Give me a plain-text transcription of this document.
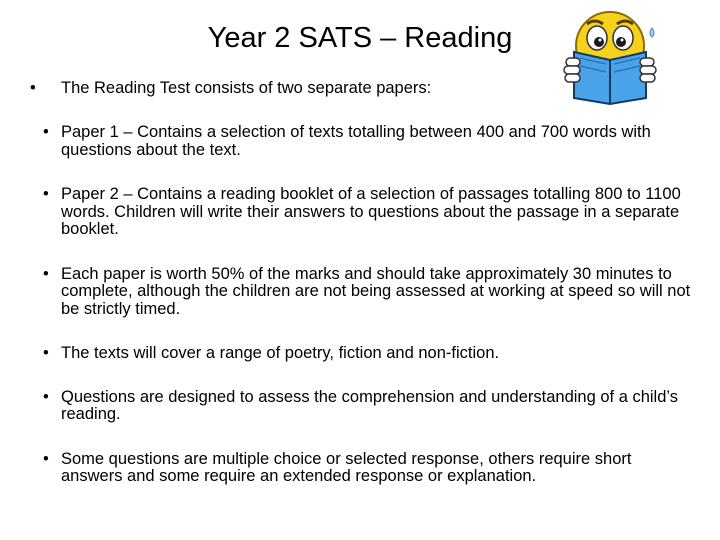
Year 2 SATS – Reading
• The Reading Test consists of two separate papers:
• Paper 1 – Contains a selection of texts totalling between 400 and 700 words with questions about the text.
• Paper 2 – Contains a reading booklet of a selection of passages totalling 800 to 1100 words. Children will write their answers to questions about the passage in a separate booklet.
• Each paper is worth 50% of the marks and should take approximately 30 minutes to complete, although the children are not being assessed at working at speed so will not be strictly timed.
• The texts will cover a range of poetry, fiction and non-fiction.
• Questions are designed to assess the comprehension and understanding of a child’s reading.
• Some questions are multiple choice or selected response, others require short answers and some require an extended response or explanation.
